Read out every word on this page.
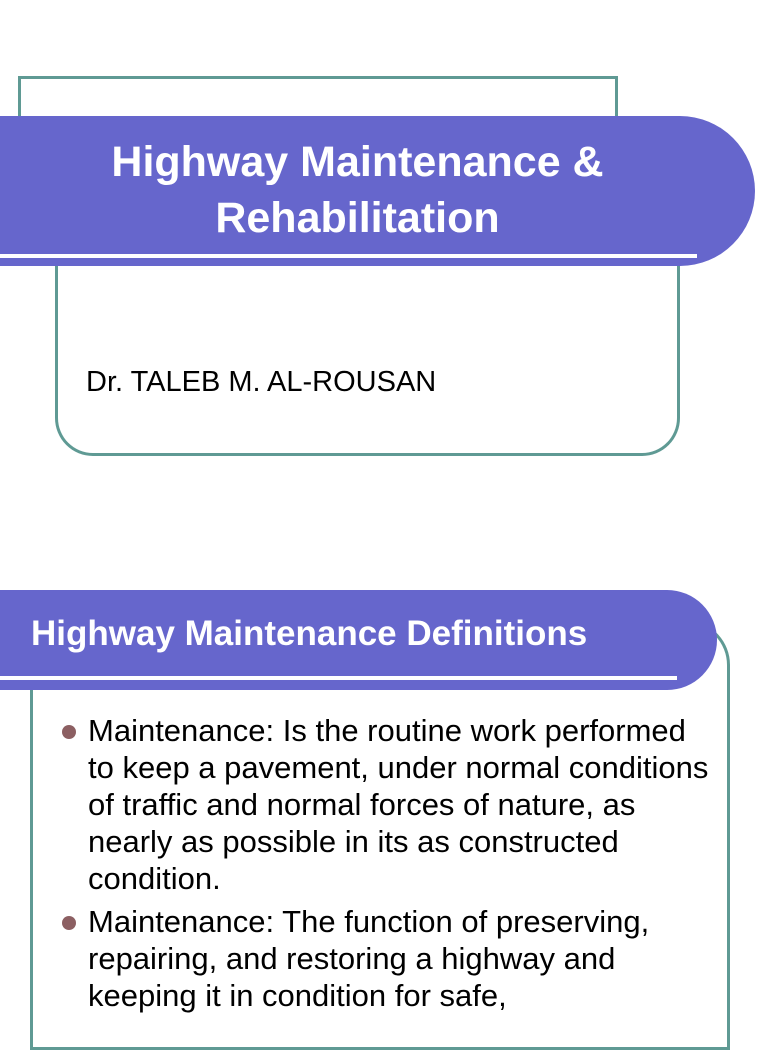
Highway Maintenance &
Rehabilitation

Dr. TALEB M. AL-ROUSAN

Highway Maintenance Definitions
Maintenance: Is the routine work performed to keep a pavement, under normal conditions of traffic and normal forces of nature, as nearly as possible in its as constructed condition.
Maintenance: The function of preserving, repairing, and restoring a highway and keeping it in condition for safe,
